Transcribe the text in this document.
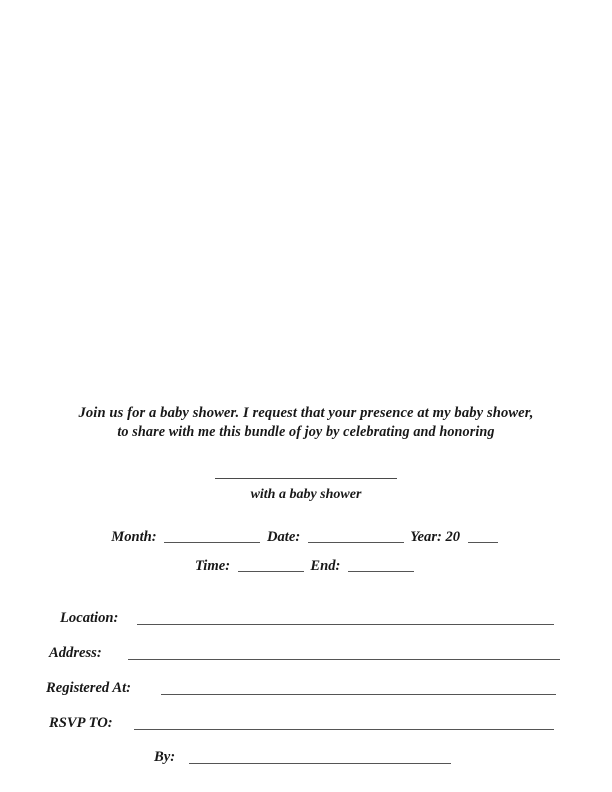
Join us for a baby shower. I request that your presence at my baby shower,
to share with me this bundle of joy by celebrating and honoring

with a baby shower
Month:	Date:	Year: 20
Time:	End:
Location:
Address:
Registered At:
RSVP TO:
By:
